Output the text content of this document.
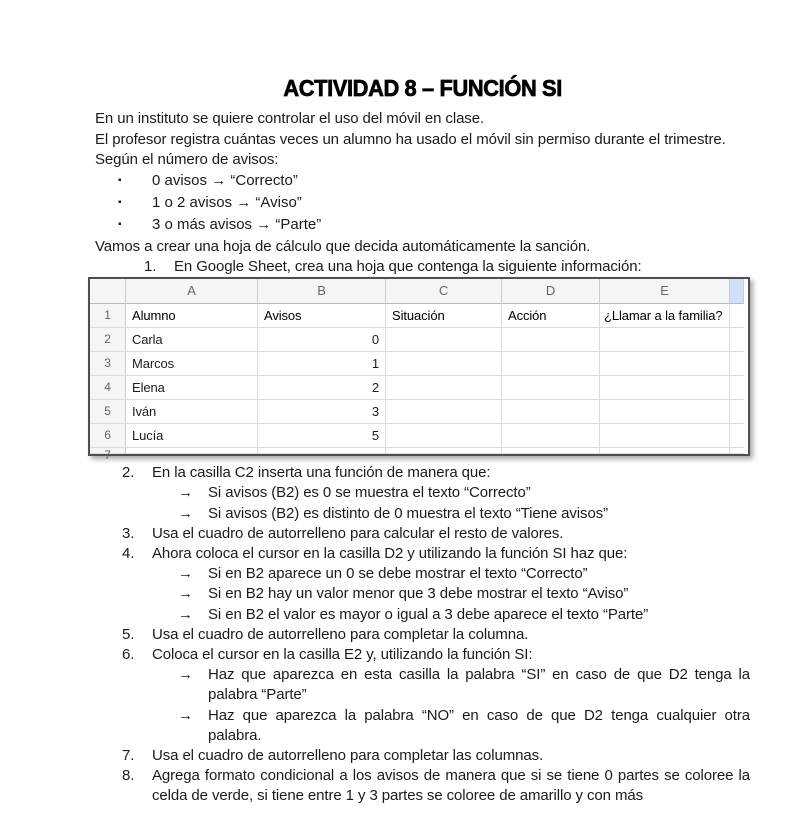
ACTIVIDAD 8 – FUNCIÓN SI
En un instituto se quiere controlar el uso del móvil en clase.
El profesor registra cuántas veces un alumno ha usado el móvil sin permiso durante el trimestre.
Según el número de avisos:
▪	0 avisos → “Correcto”
▪	1 o 2 avisos → “Aviso”
▪	3 o más avisos → “Parte”
Vamos a crear una hoja de cálculo que decida automáticamente la sanción.
1.	En Google Sheet, crea una hoja que contenga la siguiente información:
A	B	C	D	E
1	Alumno	Avisos	Situación	Acción	¿Llamar a la familia?
2	Carla	0
3	Marcos	1
4	Elena	2
5	Iván	3
6	Lucía	5
7
2.	En la casilla C2 inserta una función de manera que:
→	Si avisos (B2) es 0 se muestra el texto “Correcto”
→	Si avisos (B2) es distinto de 0 muestra el texto “Tiene avisos”
3.	Usa el cuadro de autorrelleno para calcular el resto de valores.
4.	Ahora coloca el cursor en la casilla D2 y utilizando la función SI haz que:
→	Si en B2 aparece un 0 se debe mostrar el texto “Correcto”
→	Si en B2 hay un valor menor que 3 debe mostrar el texto “Aviso”
→	Si en B2 el valor es mayor o igual a 3 debe aparece el texto “Parte”
5.	Usa el cuadro de autorrelleno para completar la columna.
6.	Coloca el cursor en la casilla E2 y, utilizando la función SI:
→	Haz que aparezca en esta casilla la palabra “SI” en caso de que D2 tenga la palabra “Parte”
→	Haz que aparezca la palabra “NO” en caso de que D2 tenga cualquier otra palabra.
7.	Usa el cuadro de autorrelleno para completar las columnas.
8.	Agrega formato condicional a los avisos de manera que si se tiene 0 partes se coloree la celda de verde, si tiene entre 1 y 3 partes se coloree de amarillo y con más
